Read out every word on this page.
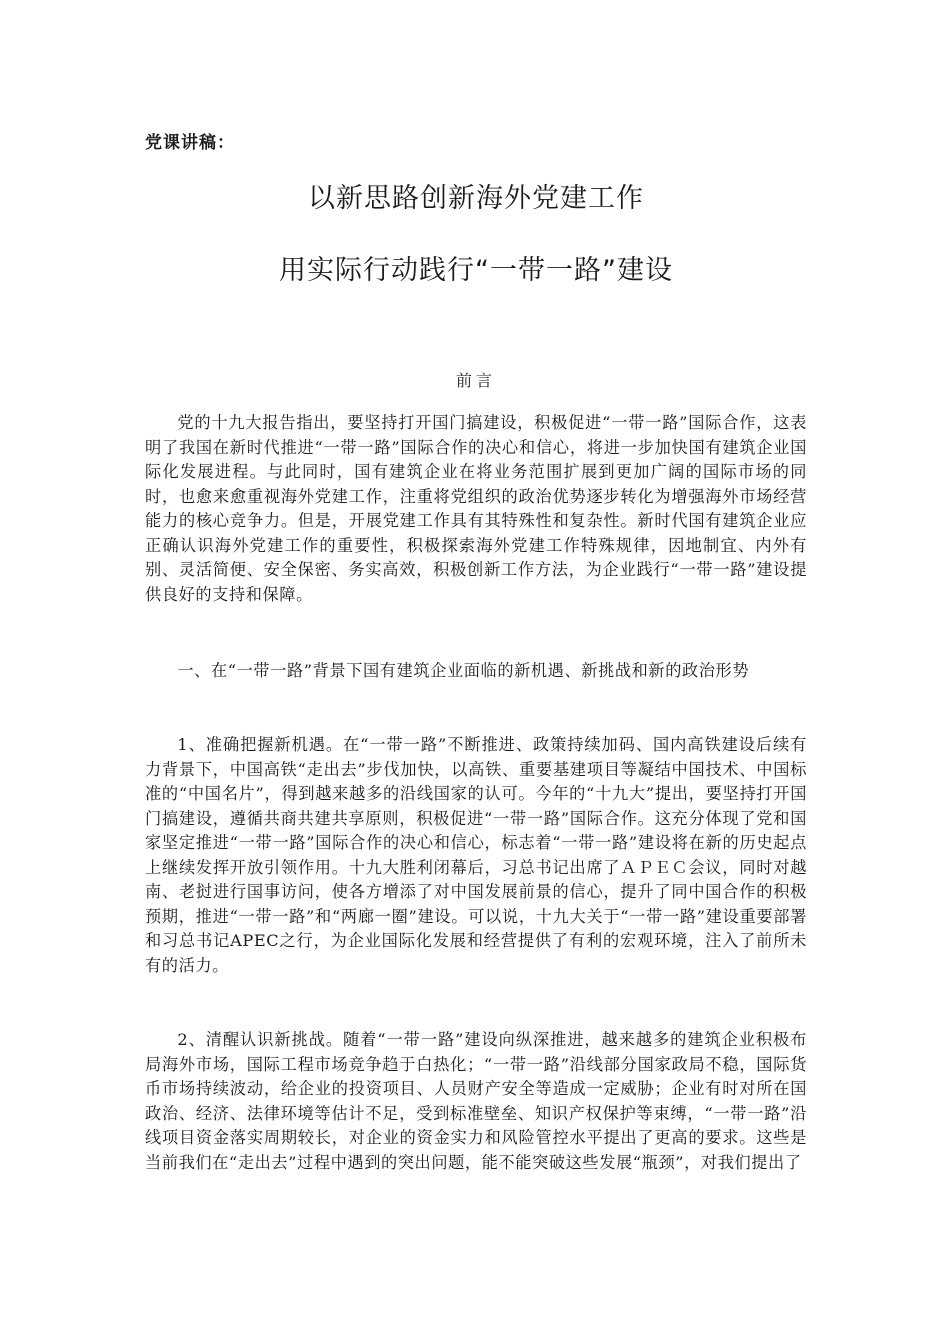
党课讲稿：
以新思路创新海外党建工作
用实际行动践行“一带一路”建设
前言

党的十九大报告指出，要坚持打开国门搞建设，积极促进“一带一路”国际合作，这表明了我国在新时代推进“一带一路”国际合作的决心和信心，将进一步加快国有建筑企业国际化发展进程。与此同时，国有建筑企业在将业务范围扩展到更加广阔的国际市场的同时，也愈来愈重视海外党建工作，注重将党组织的政治优势逐步转化为增强海外市场经营能力的核心竞争力。但是，开展党建工作具有其特殊性和复杂性。新时代国有建筑企业应正确认识海外党建工作的重要性，积极探索海外党建工作特殊规律，因地制宜、内外有别、灵活简便、安全保密、务实高效，积极创新工作方法，为企业践行“一带一路”建设提供良好的支持和保障。

一、在“一带一路”背景下国有建筑企业面临的新机遇、新挑战和新的政治形势

1、准确把握新机遇。在“一带一路”不断推进、政策持续加码、国内高铁建设后续有力背景下，中国高铁“走出去”步伐加快，以高铁、重要基建项目等凝结中国技术、中国标准的“中国名片”，得到越来越多的沿线国家的认可。今年的“十九大”提出，要坚持打开国门搞建设，遵循共商共建共享原则，积极促进“一带一路”国际合作。这充分体现了党和国家坚定推进“一带一路”国际合作的决心和信心，标志着“一带一路”建设将在新的历史起点上继续发挥开放引领作用。十九大胜利闭幕后，习总书记出席了ＡＰＥＣ会议，同时对越南、老挝进行国事访问，使各方增添了对中国发展前景的信心，提升了同中国合作的积极预期，推进“一带一路”和“两廊一圈”建设。可以说，十九大关于“一带一路”建设重要部署和习总书记APEC之行，为企业国际化发展和经营提供了有利的宏观环境，注入了前所未有的活力。

2、清醒认识新挑战。随着“一带一路”建设向纵深推进，越来越多的建筑企业积极布局海外市场，国际工程市场竞争趋于白热化；“一带一路”沿线部分国家政局不稳，国际货币市场持续波动，给企业的投资项目、人员财产安全等造成一定威胁；企业有时对所在国政治、经济、法律环境等估计不足，受到标准壁垒、知识产权保护等束缚，“一带一路”沿线项目资金落实周期较长，对企业的资金实力和风险管控水平提出了更高的要求。这些是当前我们在“走出去”过程中遇到的突出问题，能不能突破这些发展“瓶颈”，对我们提出了
